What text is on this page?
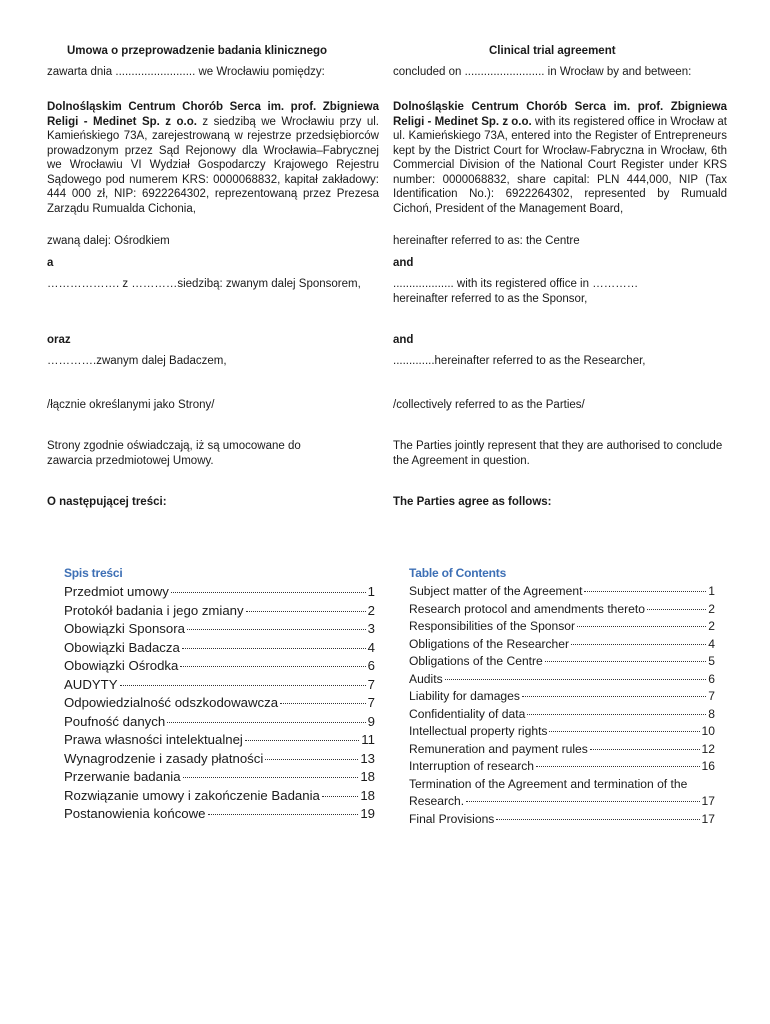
Umowa o przeprowadzenie badania klinicznego
zawarta dnia ......................... we Wrocławiu pomiędzy:
Dolnośląskim Centrum Chorób Serca im. prof. Zbigniewa Religi - Medinet Sp. z o.o. z siedzibą we Wrocławiu przy ul. Kamieńskiego 73A, zarejestrowaną w rejestrze przedsiębiorców prowadzonym przez Sąd Rejonowy dla Wrocławia–Fabrycznej we Wrocławiu VI Wydział Gospodarczy Krajowego Rejestru Sądowego pod numerem KRS: 0000068832, kapitał zakładowy: 444 000 zł, NIP: 6922264302, reprezentowaną przez Prezesa Zarządu Rumualda Cichonia,
zwaną dalej: Ośrodkiem
a
………………. z …………siedzibą: zwanym dalej Sponsorem,
oraz
………….zwanym dalej Badaczem,
/łącznie określanymi jako Strony/
Strony zgodnie oświadczają, iż są umocowane do zawarcia przedmiotowej Umowy.
O następującej treści:
Clinical trial agreement
concluded on ......................... in Wrocław by and between:
Dolnośląskie Centrum Chorób Serca im. prof. Zbigniewa Religi - Medinet Sp. z o.o. with its registered office in Wrocław at ul. Kamieńskiego 73A, entered into the Register of Entrepreneurs kept by the District Court for Wrocław-Fabryczna in Wrocław, 6th Commercial Division of the National Court Register under KRS number: 0000068832, share capital: PLN 444,000, NIP (Tax Identification No.): 6922264302, represented by Rumuald Cichoń, President of the Management Board,
hereinafter referred to as: the Centre
and
................... with its registered office in ………… hereinafter referred to as the Sponsor,
and
.............hereinafter referred to as the Researcher,
/collectively referred to as the Parties/
The Parties jointly represent that they are authorised to conclude the Agreement in question.
The Parties agree as follows:
Spis treści
Przedmiot umowy	1
Protokół badania i jego zmiany	2
Obowiązki Sponsora	3
Obowiązki Badacza	4
Obowiązki Ośrodka	6
AUDYTY	7
Odpowiedzialność odszkodowawcza	7
Poufność danych	9
Prawa własności intelektualnej	11
Wynagrodzenie i zasady płatności	13
Przerwanie badania	18
Rozwiązanie umowy i zakończenie Badania	18
Postanowienia końcowe	19
Table of Contents
Subject matter of the Agreement	1
Research protocol and amendments thereto	2
Responsibilities of the Sponsor	2
Obligations of the Researcher	4
Obligations of the Centre	5
Audits	6
Liability for damages	7
Confidentiality of data	8
Intellectual property rights	10
Remuneration and payment rules	12
Interruption of research	16
Termination of the Agreement and termination of the
Research.	17
Final Provisions	17
